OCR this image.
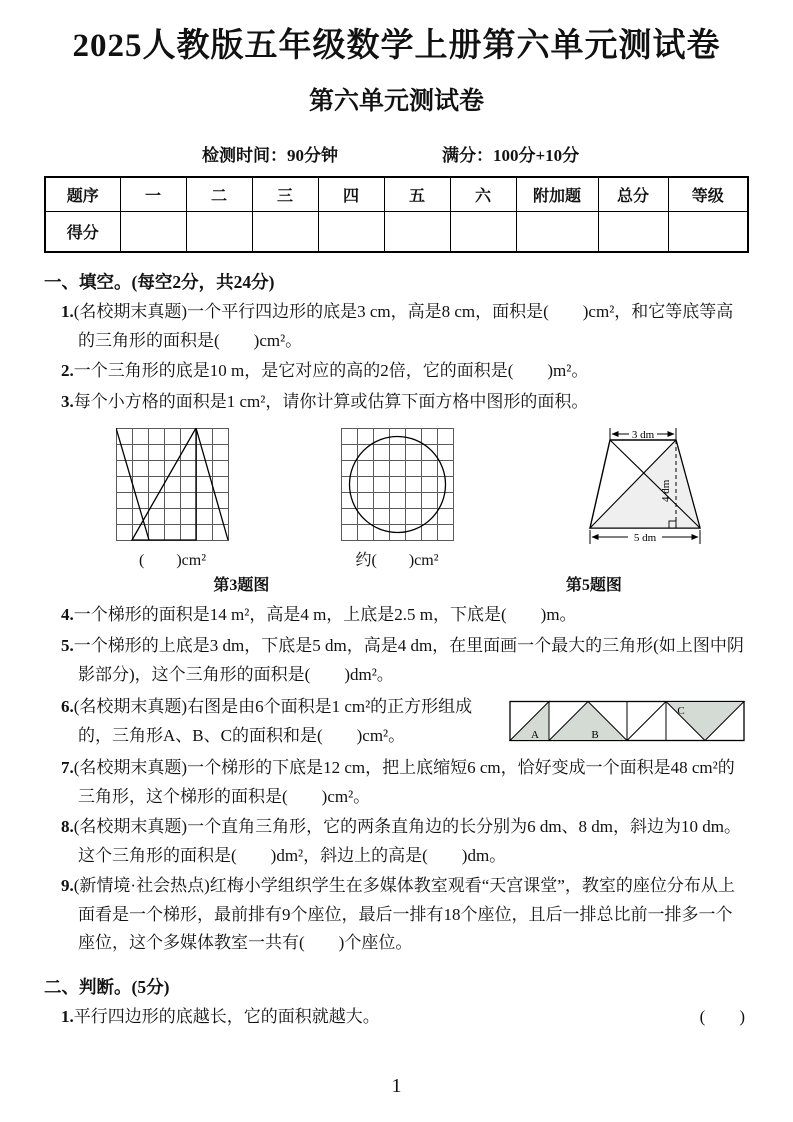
2025人教版五年级数学上册第六单元测试卷
第六单元测试卷
检测时间：90分钟	满分：100分+10分
题序	一	二	三	四	五	六	附加题	总分	等级
得分									
一、填空。(每空2分，共24分)
1.(名校期末真题)一个平行四边形的底是3 cm，高是8 cm，面积是(　　)cm²，和它等底等高的三角形的面积是(　　)cm²。
2.一个三角形的底是10 m，是它对应的高的2倍，它的面积是(　　)m²。
3.每个小方格的面积是1 cm²，请你计算或估算下面方格中图形的面积。
(　　)cm²	约(　　)cm²
3 dm
4 dm
5 dm
第3题图	第5题图
4.一个梯形的面积是14 m²，高是4 m，上底是2.5 m，下底是(　　)m。
5.一个梯形的上底是3 dm，下底是5 dm，高是4 dm，在里面画一个最大的三角形(如上图中阴影部分)，这个三角形的面积是(　　)dm²。
6.(名校期末真题)右图是由6个面积是1 cm²的正方形组成的，三角形A、B、C的面积和是(　　)cm²。	A	B
C
7.(名校期末真题)一个梯形的下底是12 cm，把上底缩短6 cm，恰好变成一个面积是48 cm²的三角形，这个梯形的面积是(　　)cm²。
8.(名校期末真题)一个直角三角形，它的两条直角边的长分别为6 dm、8 dm，斜边为10 dm。这个三角形的面积是(　　)dm²，斜边上的高是(　　)dm。
9.(新情境·社会热点)红梅小学组织学生在多媒体教室观看“天宫课堂”，教室的座位分布从上面看是一个梯形，最前排有9个座位，最后一排有18个座位，且后一排总比前一排多一个座位，这个多媒体教室一共有(　　)个座位。
二、判断。(5分)
1.平行四边形的底越长，它的面积就越大。	(　　)
1
